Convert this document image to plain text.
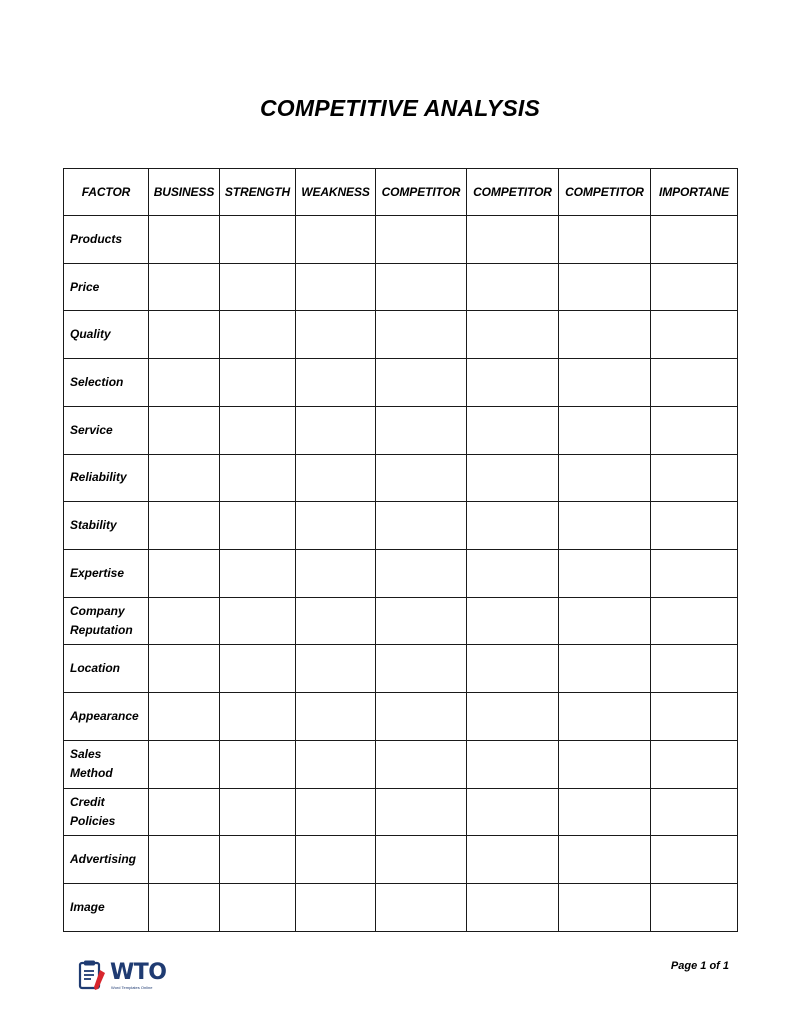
COMPETITIVE ANALYSIS
FACTOR	BUSINESS	STRENGTH	WEAKNESS	COMPETITOR	COMPETITOR	COMPETITOR	IMPORTANE

Products							

Price							

Quality							

Selection							

Service							

Reliability							

Stability							

Expertise							

Company
Reputation							

Location							

Appearance							

Sales
Method							

Credit
Policies							

Advertising							

Image							

WTO
Word Templates Online
Page 1 of 1
